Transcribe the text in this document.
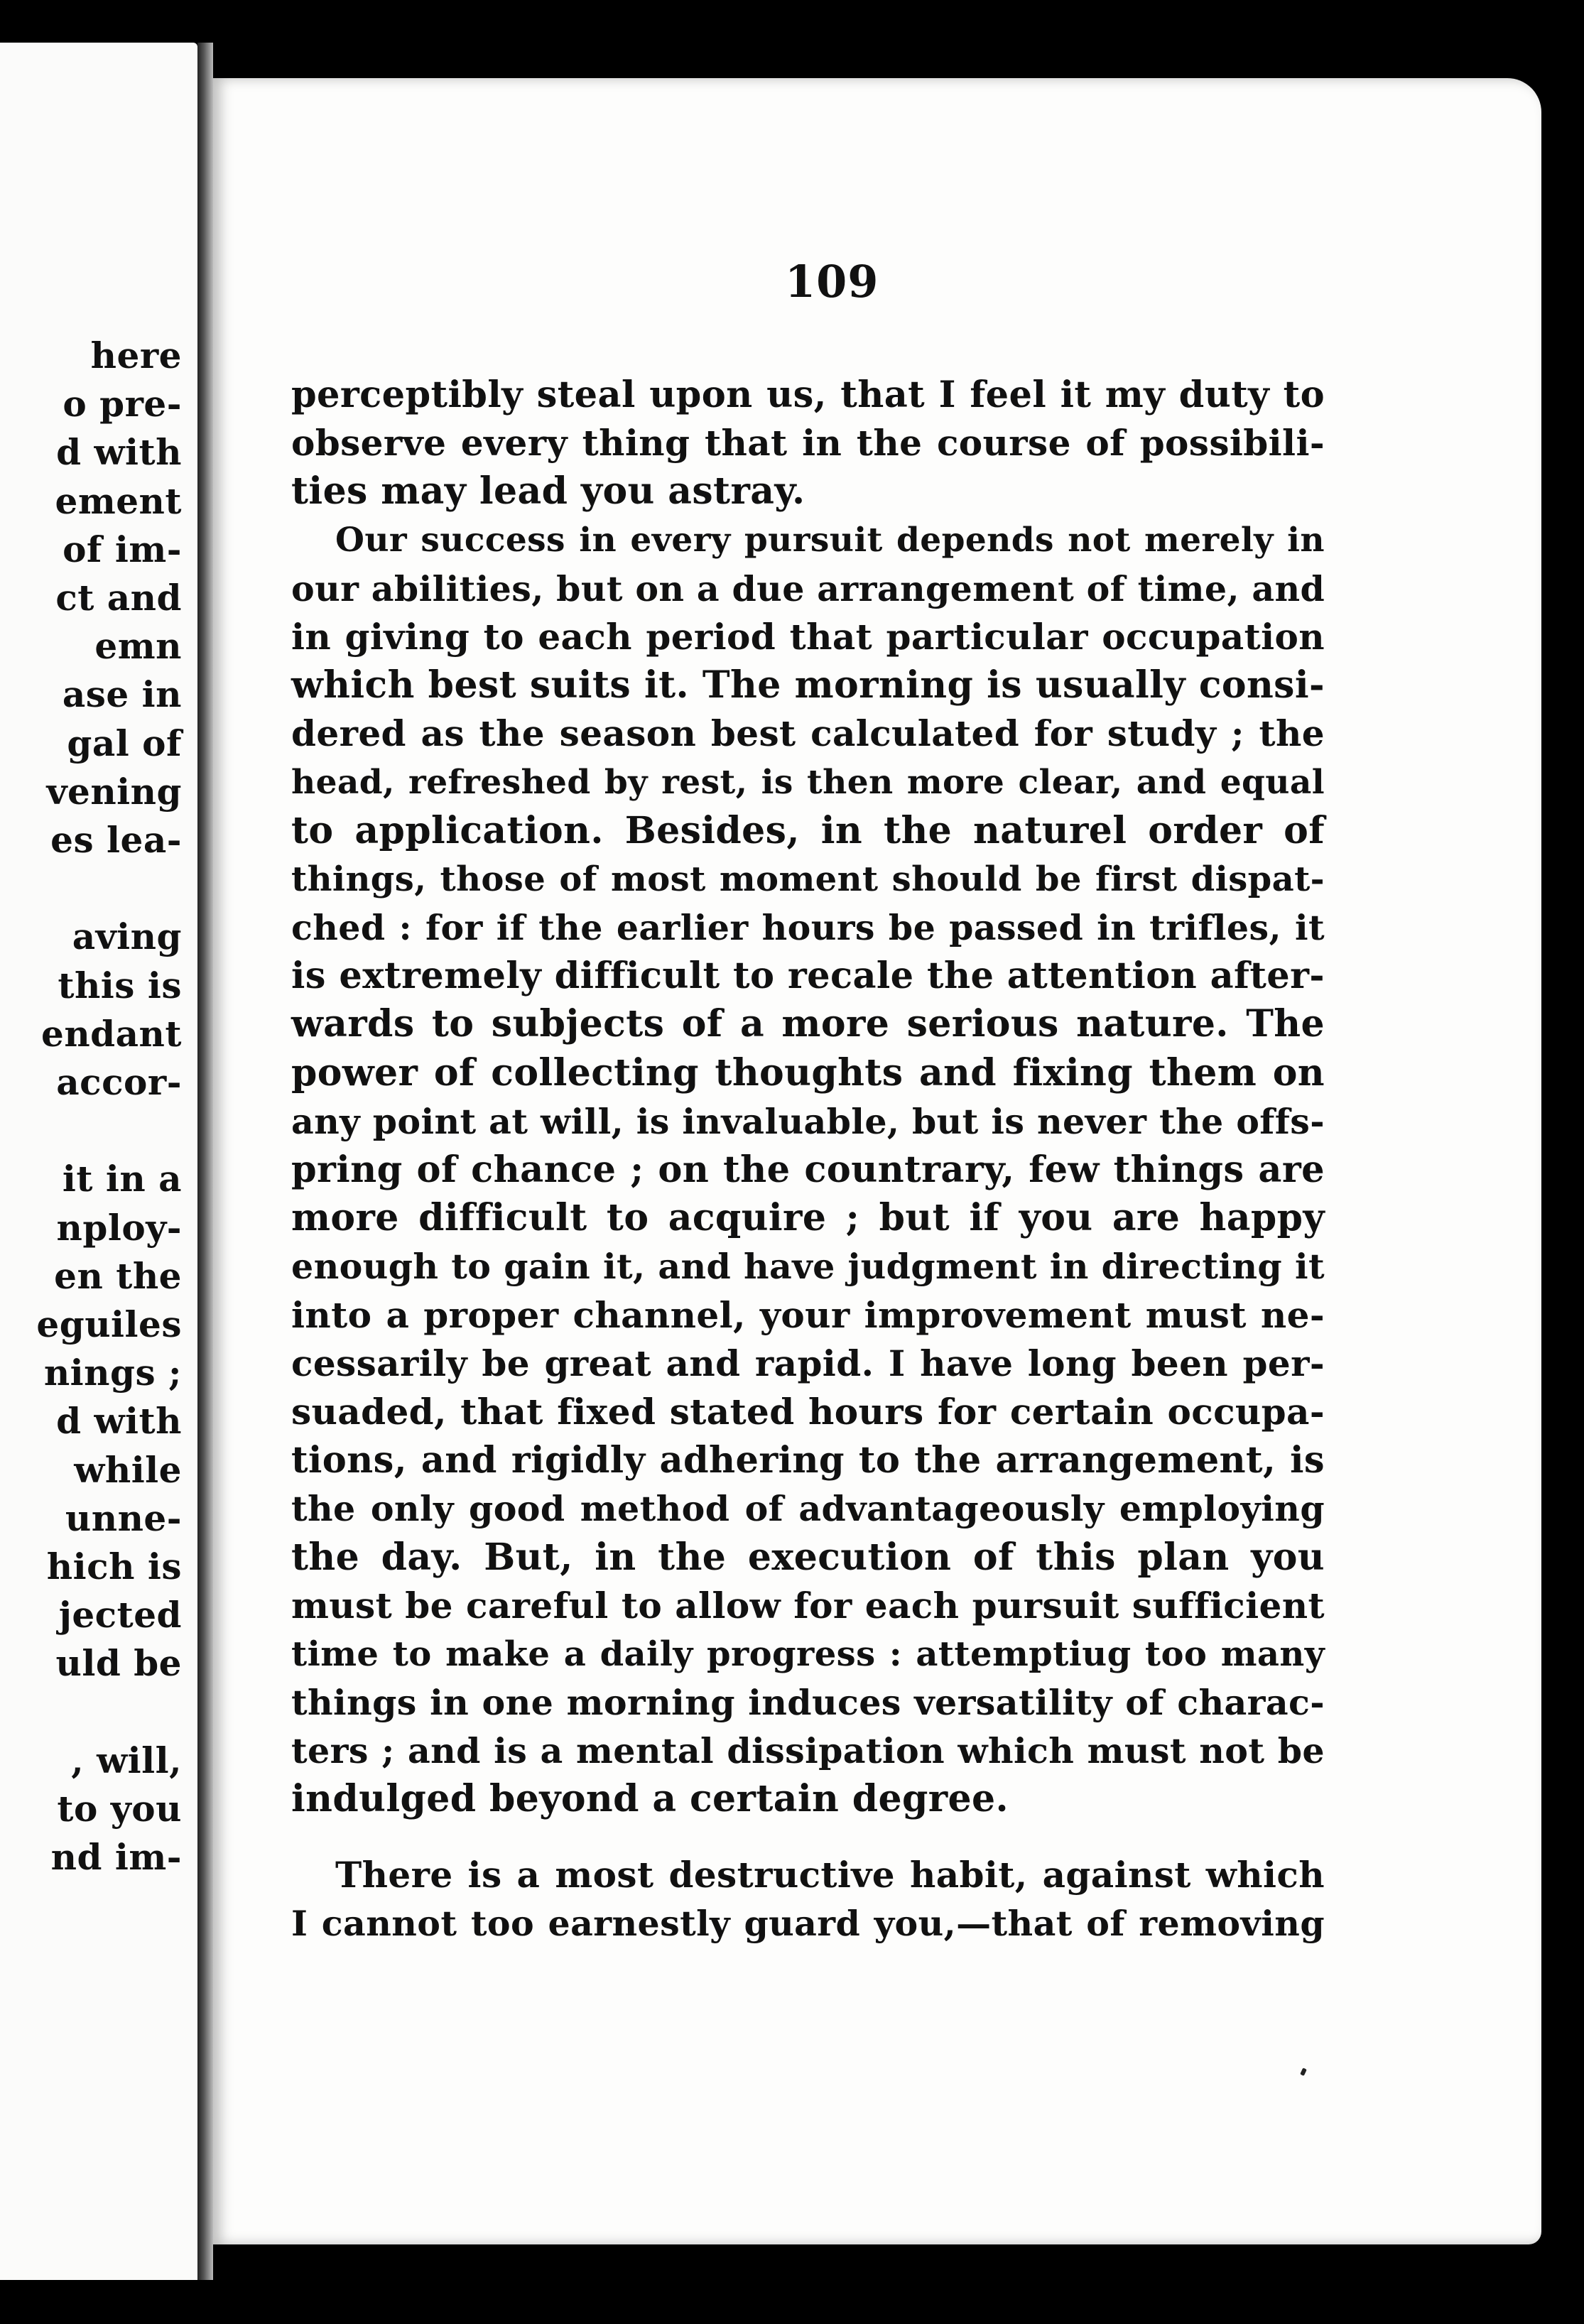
here
o pre-
d with
ement
of im-
ct and
emn
ase in
gal of
vening
es lea-
aving
this is
endant
accor-
it in a
nploy-
en the
eguiles
nings ;
d with
while
unne-
hich is
jected
uld be
, will,
to you
nd im-
109
perceptibly steal upon us, that I feel it my duty to
observe every thing that in the course of possibili-
ties may lead you astray.
Our success in every pursuit depends not merely in
our abilities, but on a due arrangement of time, and
in giving to each period that particular occupation
which best suits it. The morning is usually consi-
dered as the season best calculated for study ; the
head, refreshed by rest, is then more clear, and equal
to application. Besides, in the naturel order of
things, those of most moment should be first dispat-
ched : for if the earlier hours be passed in trifles, it
is extremely difficult to recale the attention after-
wards to subjects of a more serious nature. The
power of collecting thoughts and fixing them on
any point at will, is invaluable, but is never the offs-
pring of chance ; on the countrary, few things are
more difficult to acquire ; but if you are happy
enough to gain it, and have judgment in directing it
into a proper channel, your improvement must ne-
cessarily be great and rapid. I have long been per-
suaded, that fixed stated hours for certain occupa-
tions, and rigidly adhering to the arrangement, is
the only good method of advantageously employing
the day. But, in the execution of this plan you
must be careful to allow for each pursuit sufficient
time to make a daily progress : attemptiug too many
things in one morning induces versatility of charac-
ters ; and is a mental dissipation which must not be
indulged beyond a certain degree.
There is a most destructive habit, against which
I cannot too earnestly guard you,—that of removing
